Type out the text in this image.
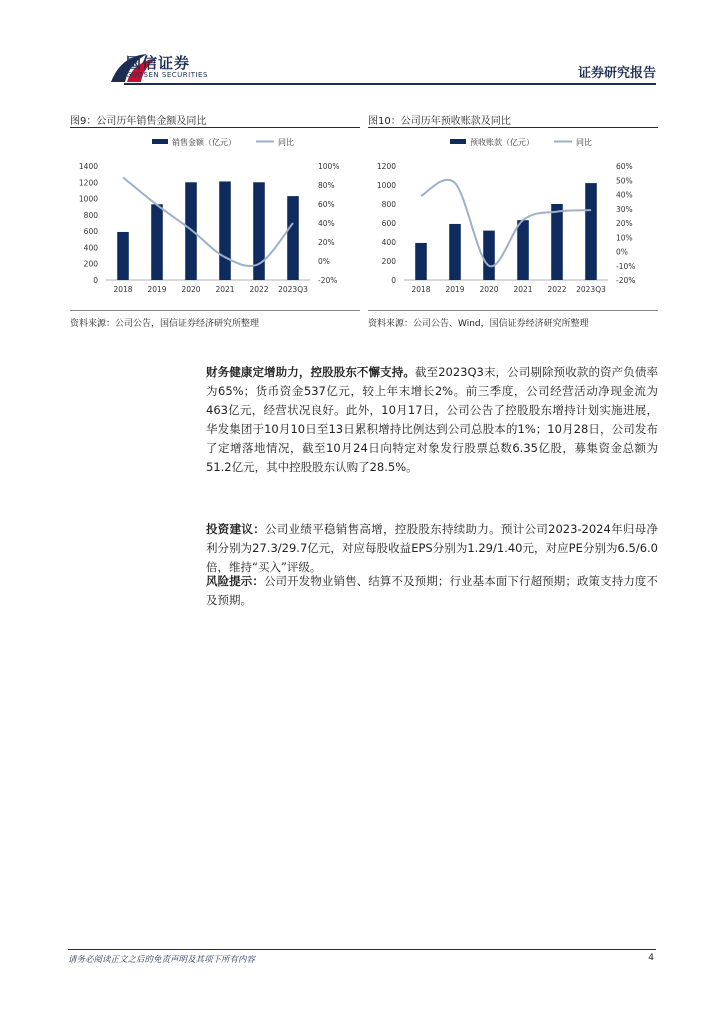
国信证券
GUOSEN SECURITIES	证券研究报告
图9：公司历年销售金额及同比
销售金额（亿元）	同比
0
200
400
600
800
1000
1200
1400
-20%
0%
20%
40%
60%
80%
100%
2018 2019 2020 2021 2022 2023Q3
资料来源：公司公告，国信证券经济研究所整理
图10：公司历年预收账款及同比
预收账款（亿元）	同比
0
200
400
600
800
1000
1200
-20%
-10%
0%
10%
20%
30%
40%
50%
60%
2018 2019 2020 2021 2022 2023Q3
资料来源：公司公告、Wind，国信证券经济研究所整理
财务健康定增助力，控股股东不懈支持。截至2023Q3末，公司剔除预收款的资产负债率为65%；货币资金537亿元，较上年末增长2%。前三季度，公司经营活动净现金流为463亿元，经营状况良好。此外，10月17日，公司公告了控股股东增持计划实施进展，华发集团于10月10日至13日累积增持比例达到公司总股本的1%；10月28日，公司发布了定增落地情况，截至10月24日向特定对象发行股票总数6.35亿股，募集资金总额为51.2亿元，其中控股股东认购了28.5%。
投资建议：公司业绩平稳销售高增，控股股东持续助力。预计公司2023-2024年归母净利分别为27.3/29.7亿元，对应每股收益EPS分别为1.29/1.40元，对应PE分别为6.5/6.0倍，维持“买入”评级。
风险提示：公司开发物业销售、结算不及预期；行业基本面下行超预期；政策支持力度不及预期。
请务必阅读正文之后的免责声明及其项下所有内容	4
